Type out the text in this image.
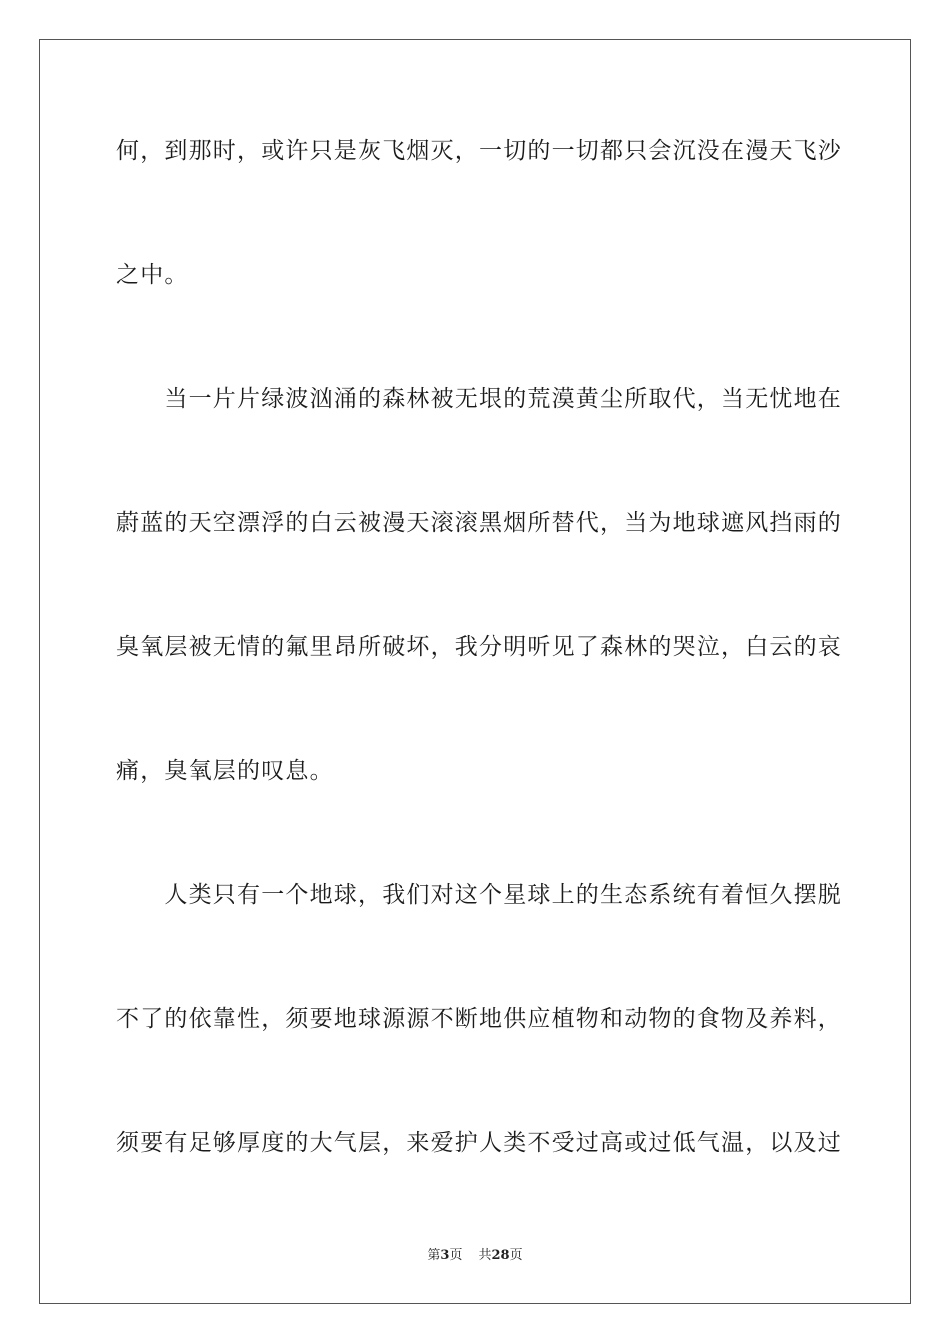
何，到那时，或许只是灰飞烟灭，一切的一切都只会沉没在漫天飞沙
之中。
　　当一片片绿波汹涌的森林被无垠的荒漠黄尘所取代，当无忧地在
蔚蓝的天空漂浮的白云被漫天滚滚黑烟所替代，当为地球遮风挡雨的
臭氧层被无情的氟里昂所破坏，我分明听见了森林的哭泣，白云的哀
痛，臭氧层的叹息。
　　人类只有一个地球，我们对这个星球上的生态系统有着恒久摆脱
不了的依靠性，须要地球源源不断地供应植物和动物的食物及养料，
须要有足够厚度的大气层，来爱护人类不受过高或过低气温，以及过
第3页 共28页
